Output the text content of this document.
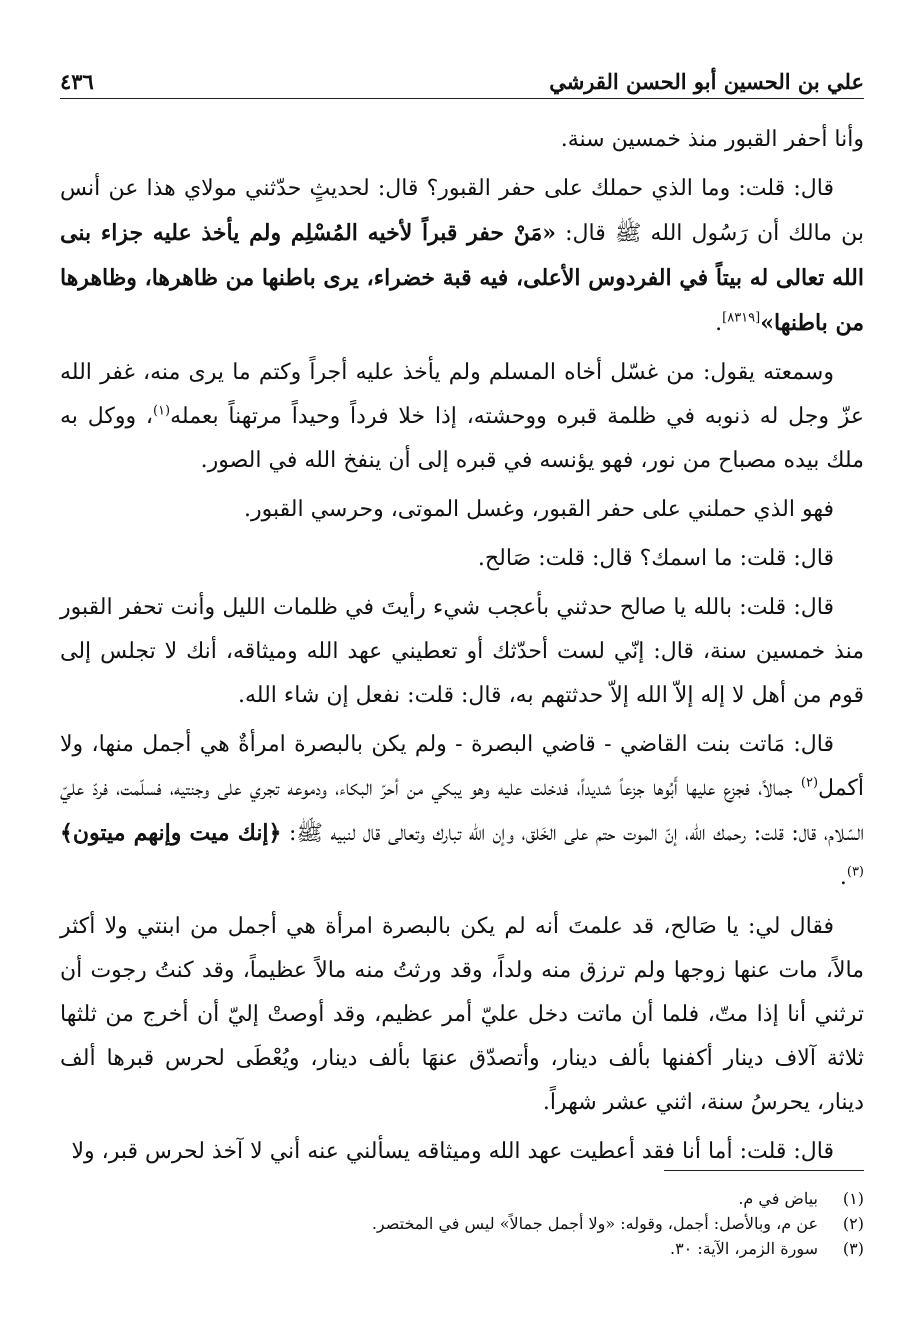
علي بن الحسين أبو الحسن القرشي
٤٣٦

وأنا أحفر القبور منذ خمسين سنة.

قال: قلت: وما الذي حملك على حفر القبور؟ قال: لحديثٍ حدّثني مولاي هذا عن أنس بن مالك أن رَسُول الله ﷺ قال: «مَنْ حفر قبراً لأخيه المُسْلِم ولم يأخذ عليه جزاء بنى الله تعالى له بيتاً في الفردوس الأعلى، فيه قبة خضراء، يرى باطنها من ظاهرها، وظاهرها من باطنها»[٨٣١٩].

وسمعته يقول: من غسّل أخاه المسلم ولم يأخذ عليه أجراً وكتم ما يرى منه، غفر الله عزّ وجل له ذنوبه في ظلمة قبره ووحشته، إذا خلا فرداً وحيداً مرتهناً بعمله$^{(١)}$، ووكل به ملك بيده مصباح من نور، فهو يؤنسه في قبره إلى أن ينفخ الله في الصور.

فهو الذي حملني على حفر القبور، وغسل الموتى، وحرسي القبور.

قال: قلت: ما اسمك؟ قال: قلت: صَالح.

قال: قلت: بالله يا صالح حدثني بأعجب شيء رأيتَ في ظلمات الليل وأنت تحفر القبور منذ خمسين سنة، قال: إنّي لست أحدّثك أو تعطيني عهد الله وميثاقه، أنك لا تجلس إلى قوم من أهل لا إله إلاّ الله إلاّ حدثتهم به، قال: قلت: نفعل إن شاء الله.

قال: مَاتت بنت القاضي - قاضي البصرة - ولم يكن بالبصرة امرأةٌ هي أجمل منها، ولا أكمل$^{(٢)}$ جمالاً، فجزع عليها أَبُوها جزعاً شديداً، فدخلت عليه وهو يبكي من أحرّ البكاء، ودموعه تجري على وجنتيه، فسلّمت، فردّ عليّ السّلام، قال: قلت: رحمك الله، إنّ الموت حتم على الخَلق، وإن الله تبارك وتعالى قال لنبيه ﷺ: ﴿إنك ميت وإنهم ميتون﴾$^{(٣)}$.

فقال لي: يا صَالح، قد علمتَ أنه لم يكن بالبصرة امرأة هي أجمل من ابنتي ولا أكثر مالاً، مات عنها زوجها ولم ترزق منه ولداً، وقد ورثتُ منه مالاً عظيماً، وقد كنتُ رجوت أن ترثني أنا إذا متّ، فلما أن ماتت دخل عليّ أمر عظيم، وقد أوصتْ إليّ أن أخرج من ثلثها ثلاثة آلاف دينار أكفنها بألف دينار، وأتصدّق عنهَا بألف دينار، ويُعْطَى لحرس قبرها ألف دينار، يحرسُ سنة، اثني عشر شهراً.

قال: قلت: أما أنا فقد أعطيت عهد الله وميثاقه يسألني عنه أني لا آخذ لحرس قبر، ولا

(١)
بياض في م.
(٢)
عن م، وبالأصل: أجمل، وقوله: «ولا أجمل جمالاً» ليس في المختصر.
(٣)
سورة الزمر، الآية: ٣٠.
